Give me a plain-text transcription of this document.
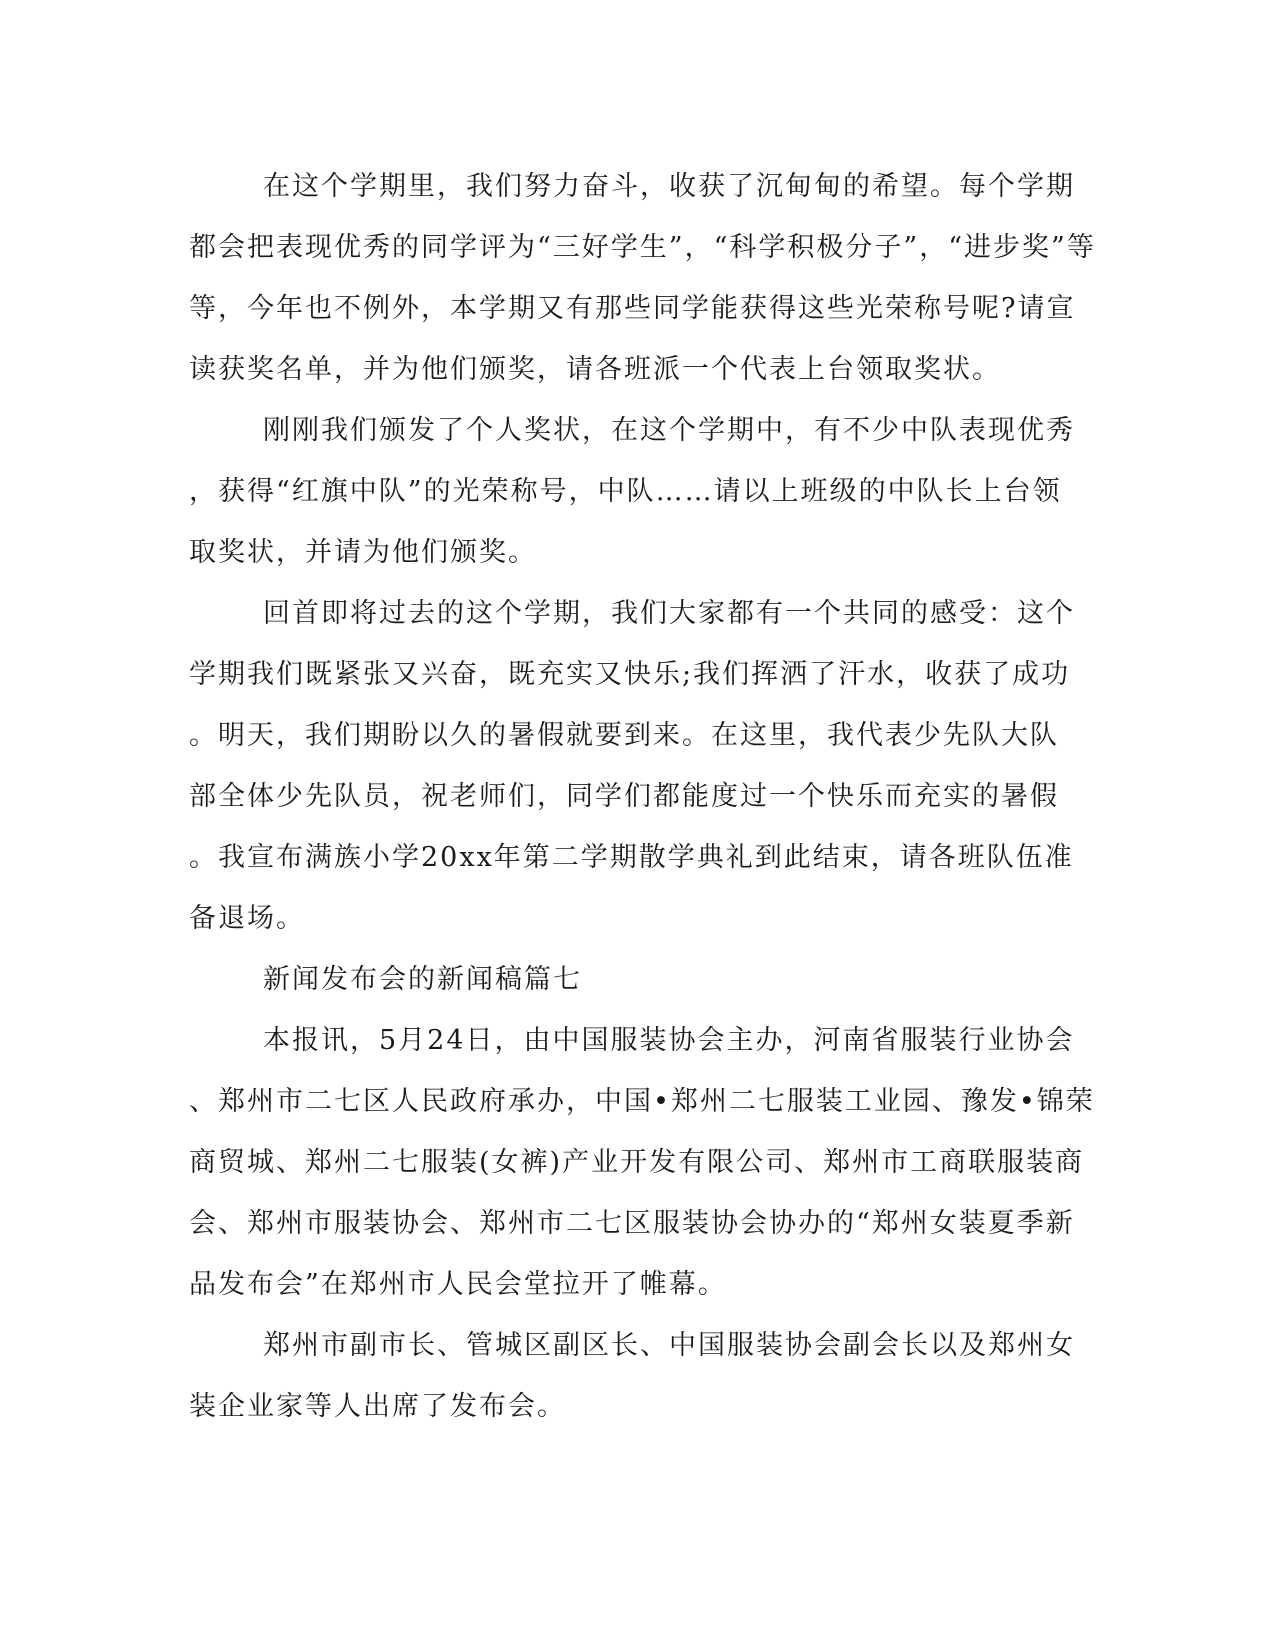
在这个学期里，我们努力奋斗，收获了沉甸甸的希望。每个学期
都会把表现优秀的同学评为“三好学生”，“科学积极分子”，“进步奖”等
等，今年也不例外，本学期又有那些同学能获得这些光荣称号呢?请宣
读获奖名单，并为他们颁奖，请各班派一个代表上台领取奖状。
刚刚我们颁发了个人奖状，在这个学期中，有不少中队表现优秀
，获得“红旗中队”的光荣称号，中队……请以上班级的中队长上台领
取奖状，并请为他们颁奖。
回首即将过去的这个学期，我们大家都有一个共同的感受：这个
学期我们既紧张又兴奋，既充实又快乐;我们挥洒了汗水，收获了成功
。明天，我们期盼以久的暑假就要到来。在这里，我代表少先队大队
部全体少先队员，祝老师们，同学们都能度过一个快乐而充实的暑假
。我宣布满族小学20xx年第二学期散学典礼到此结束，请各班队伍准
备退场。
新闻发布会的新闻稿篇七
本报讯，5月24日，由中国服装协会主办，河南省服装行业协会
、郑州市二七区人民政府承办，中国•郑州二七服装工业园、豫发•锦荣
商贸城、郑州二七服装(女裤)产业开发有限公司、郑州市工商联服装商
会、郑州市服装协会、郑州市二七区服装协会协办的“郑州女装夏季新
品发布会”在郑州市人民会堂拉开了帷幕。
郑州市副市长、管城区副区长、中国服装协会副会长以及郑州女
装企业家等人出席了发布会。
